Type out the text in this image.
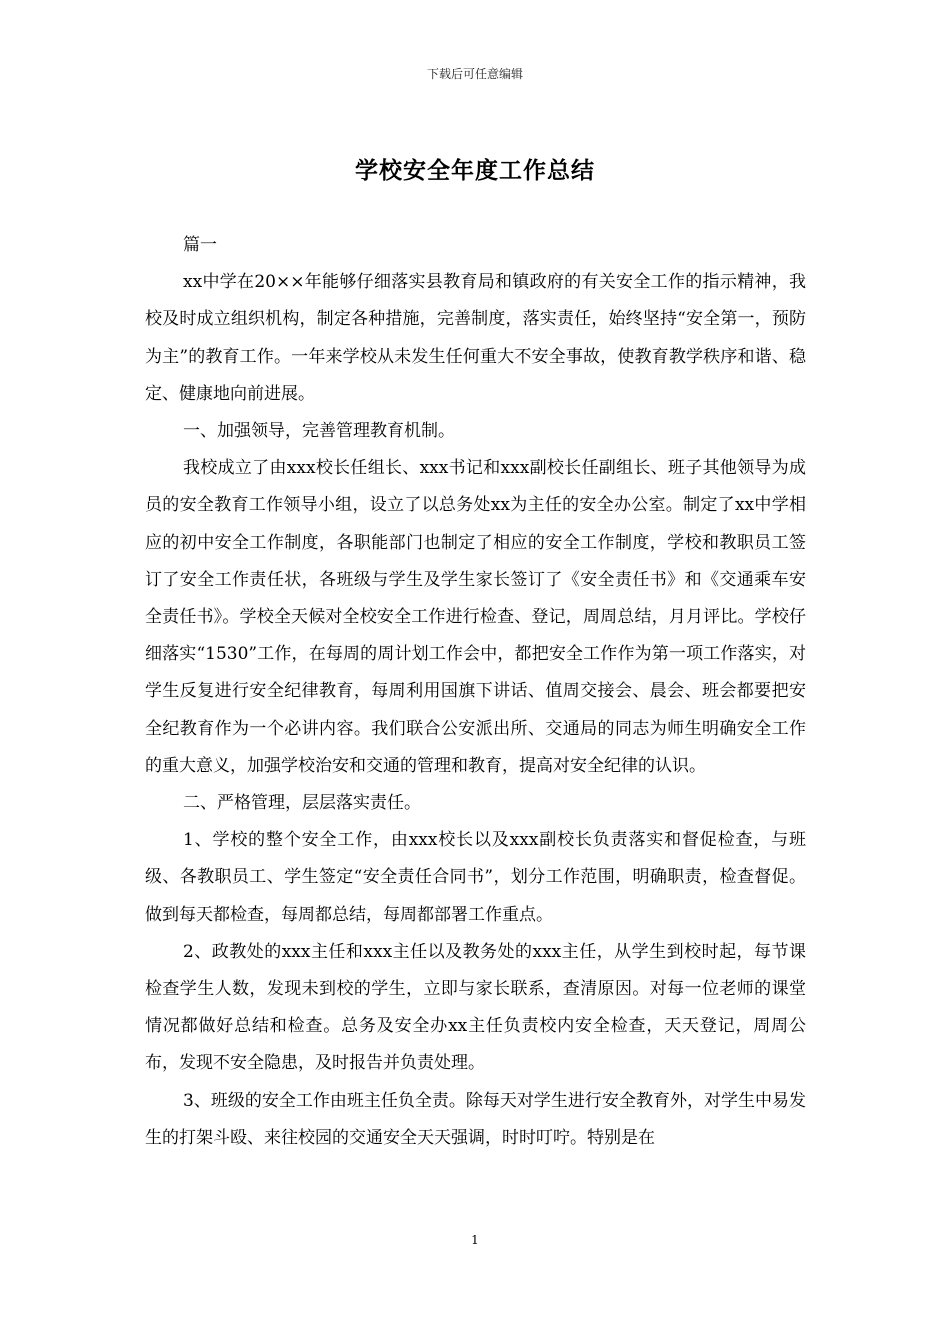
下载后可任意编辑
学校安全年度工作总结

篇一

xx中学在20××年能够仔细落实县教育局和镇政府的有关安全工作的指示精神，我校及时成立组织机构，制定各种措施，完善制度，落实责任，始终坚持“安全第一，预防为主”的教育工作。一年来学校从未发生任何重大不安全事故，使教育教学秩序和谐、稳定、健康地向前进展。

一、加强领导，完善管理教育机制。

我校成立了由xxx校长任组长、xxx书记和xxx副校长任副组长、班子其他领导为成员的安全教育工作领导小组，设立了以总务处xx为主任的安全办公室。制定了xx中学相应的初中安全工作制度，各职能部门也制定了相应的安全工作制度，学校和教职员工签订了安全工作责任状，各班级与学生及学生家长签订了《安全责任书》和《交通乘车安全责任书》。学校全天候对全校安全工作进行检查、登记，周周总结，月月评比。学校仔细落实“1530”工作，在每周的周计划工作会中，都把安全工作作为第一项工作落实，对学生反复进行安全纪律教育，每周利用国旗下讲话、值周交接会、晨会、班会都要把安全纪教育作为一个必讲内容。我们联合公安派出所、交通局的同志为师生明确安全工作的重大意义，加强学校治安和交通的管理和教育，提高对安全纪律的认识。

二、严格管理，层层落实责任。

1、学校的整个安全工作，由xxx校长以及xxx副校长负责落实和督促检查，与班级、各教职员工、学生签定“安全责任合同书”，划分工作范围，明确职责，检查督促。做到每天都检查，每周都总结，每周都部署工作重点。

2、政教处的xxx主任和xxx主任以及教务处的xxx主任，从学生到校时起，每节课检查学生人数，发现未到校的学生，立即与家长联系，查清原因。对每一位老师的课堂情况都做好总结和检查。总务及安全办xx主任负责校内安全检查，天天登记，周周公布，发现不安全隐患，及时报告并负责处理。

3、班级的安全工作由班主任负全责。除每天对学生进行安全教育外，对学生中易发生的打架斗殴、来往校园的交通安全天天强调，时时叮咛。特别是在

1
